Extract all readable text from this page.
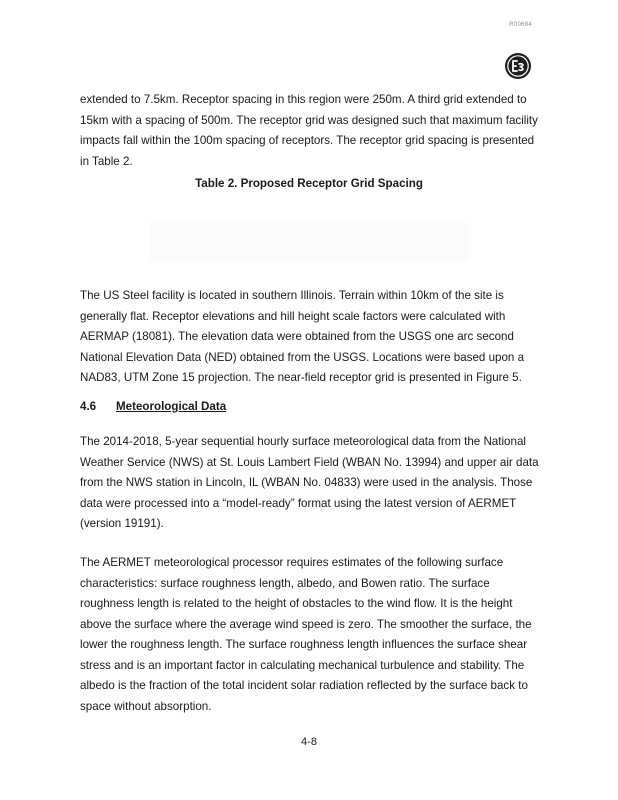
R00684

extended to 7.5km. Receptor spacing in this region were 250m. A third grid extended to 15km with a spacing of 500m. The receptor grid was designed such that maximum facility impacts fall within the 100m spacing of receptors. The receptor grid spacing is presented in Table 2.

Table 2. Proposed Receptor Grid Spacing

The US Steel facility is located in southern Illinois. Terrain within 10km of the site is generally flat. Receptor elevations and hill height scale factors were calculated with AERMAP (18081). The elevation data were obtained from the USGS one arc second National Elevation Data (NED) obtained from the USGS. Locations were based upon a NAD83, UTM Zone 15 projection. The near-field receptor grid is presented in Figure 5.

4.6 Meteorological Data

The 2014-2018, 5-year sequential hourly surface meteorological data from the National Weather Service (NWS) at St. Louis Lambert Field (WBAN No. 13994) and upper air data from the NWS station in Lincoln, IL (WBAN No. 04833) were used in the analysis. Those data were processed into a “model-ready” format using the latest version of AERMET (version 19191).

The AERMET meteorological processor requires estimates of the following surface characteristics: surface roughness length, albedo, and Bowen ratio. The surface roughness length is related to the height of obstacles to the wind flow. It is the height above the surface where the average wind speed is zero. The smoother the surface, the lower the roughness length. The surface roughness length influences the surface shear stress and is an important factor in calculating mechanical turbulence and stability. The albedo is the fraction of the total incident solar radiation reflected by the surface back to space without absorption.

4-8
